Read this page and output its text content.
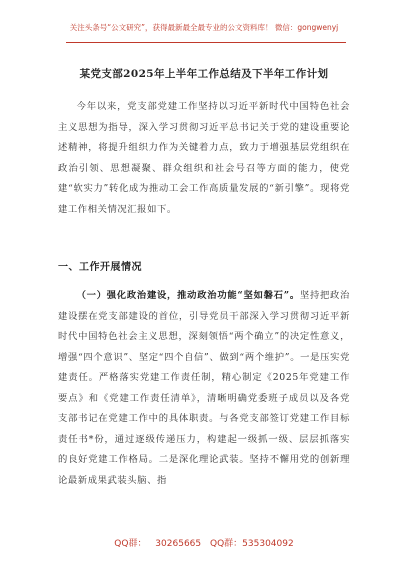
关注头条号“公文研究”，获得最新最全最专业的公文资料库！ 微信：gongwenyj
某党支部2025年上半年工作总结及下半年工作计划
今年以来，党支部党建工作坚持以习近平新时代中国特色社会主义思想为指导，深入学习贯彻习近平总书记关于党的建设重要论述精神，将提升组织力作为关键着力点，致力于增强基层党组织在政治引领、思想凝聚、群众组织和社会号召等方面的能力，使党建“软实力”转化成为推动工会工作高质量发展的“新引擎”。现将党建工作相关情况汇报如下。
一、工作开展情况
（一）强化政治建设，推动政治功能“坚如磐石”。坚持把政治建设摆在党支部建设的首位，引导党员干部深入学习贯彻习近平新时代中国特色社会主义思想，深刻领悟“两个确立”的决定性意义，增强“四个意识”、坚定“四个自信”、做到“两个维护”。一是压实党建责任。严格落实党建工作责任制，精心制定《2025年党建工作要点》和《党建工作责任清单》，清晰明确党委班子成员以及各党支部书记在党建工作中的具体职责。与各党支部签订党建工作目标责任书*份，通过逐级传递压力，构建起一级抓一级、层层抓落实的良好党建工作格局。二是深化理论武装。坚持不懈用党的创新理论最新成果武装头脑、指
QQ群： 30265665 QQ群：535304092
